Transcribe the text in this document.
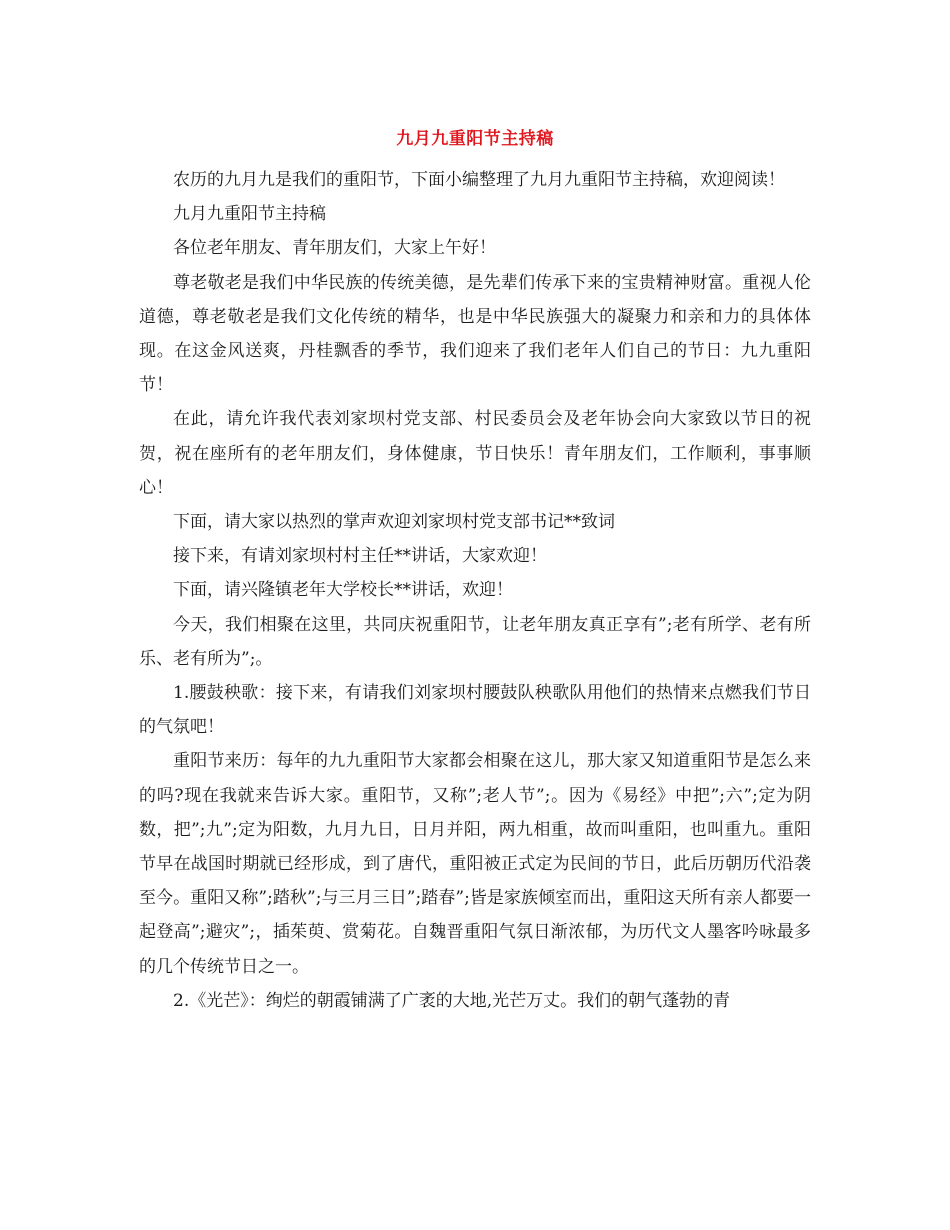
九月九重阳节主持稿

农历的九月九是我们的重阳节，下面小编整理了九月九重阳节主持稿，欢迎阅读！

九月九重阳节主持稿

各位老年朋友、青年朋友们，大家上午好！

尊老敬老是我们中华民族的传统美德，是先辈们传承下来的宝贵精神财富。重视人伦道德，尊老敬老是我们文化传统的精华，也是中华民族强大的凝聚力和亲和力的具体体现。在这金风送爽，丹桂飘香的季节，我们迎来了我们老年人们自己的节日：九九重阳节！

在此，请允许我代表刘家坝村党支部、村民委员会及老年协会向大家致以节日的祝贺，祝在座所有的老年朋友们，身体健康，节日快乐！青年朋友们，工作顺利，事事顺心！

下面，请大家以热烈的掌声欢迎刘家坝村党支部书记**致词

接下来，有请刘家坝村村主任**讲话，大家欢迎！

下面，请兴隆镇老年大学校长**讲话，欢迎！

今天，我们相聚在这里，共同庆祝重阳节，让老年朋友真正享有”;老有所学、老有所乐、老有所为”;。

1.腰鼓秧歌：接下来，有请我们刘家坝村腰鼓队秧歌队用他们的热情来点燃我们节日的气氛吧！

重阳节来历：每年的九九重阳节大家都会相聚在这儿，那大家又知道重阳节是怎么来的吗?现在我就来告诉大家。重阳节，又称”;老人节”;。因为《易经》中把”;六”;定为阴数，把”;九”;定为阳数，九月九日，日月并阳，两九相重，故而叫重阳，也叫重九。重阳节早在战国时期就已经形成，到了唐代，重阳被正式定为民间的节日，此后历朝历代沿袭至今。重阳又称”;踏秋”;与三月三日”;踏春”;皆是家族倾室而出，重阳这天所有亲人都要一起登高”;避灾”;，插茱萸、赏菊花。自魏晋重阳气氛日渐浓郁，为历代文人墨客吟咏最多的几个传统节日之一。

2.《光芒》：绚烂的朝霞铺满了广袤的大地,光芒万丈。我们的朝气蓬勃的青
